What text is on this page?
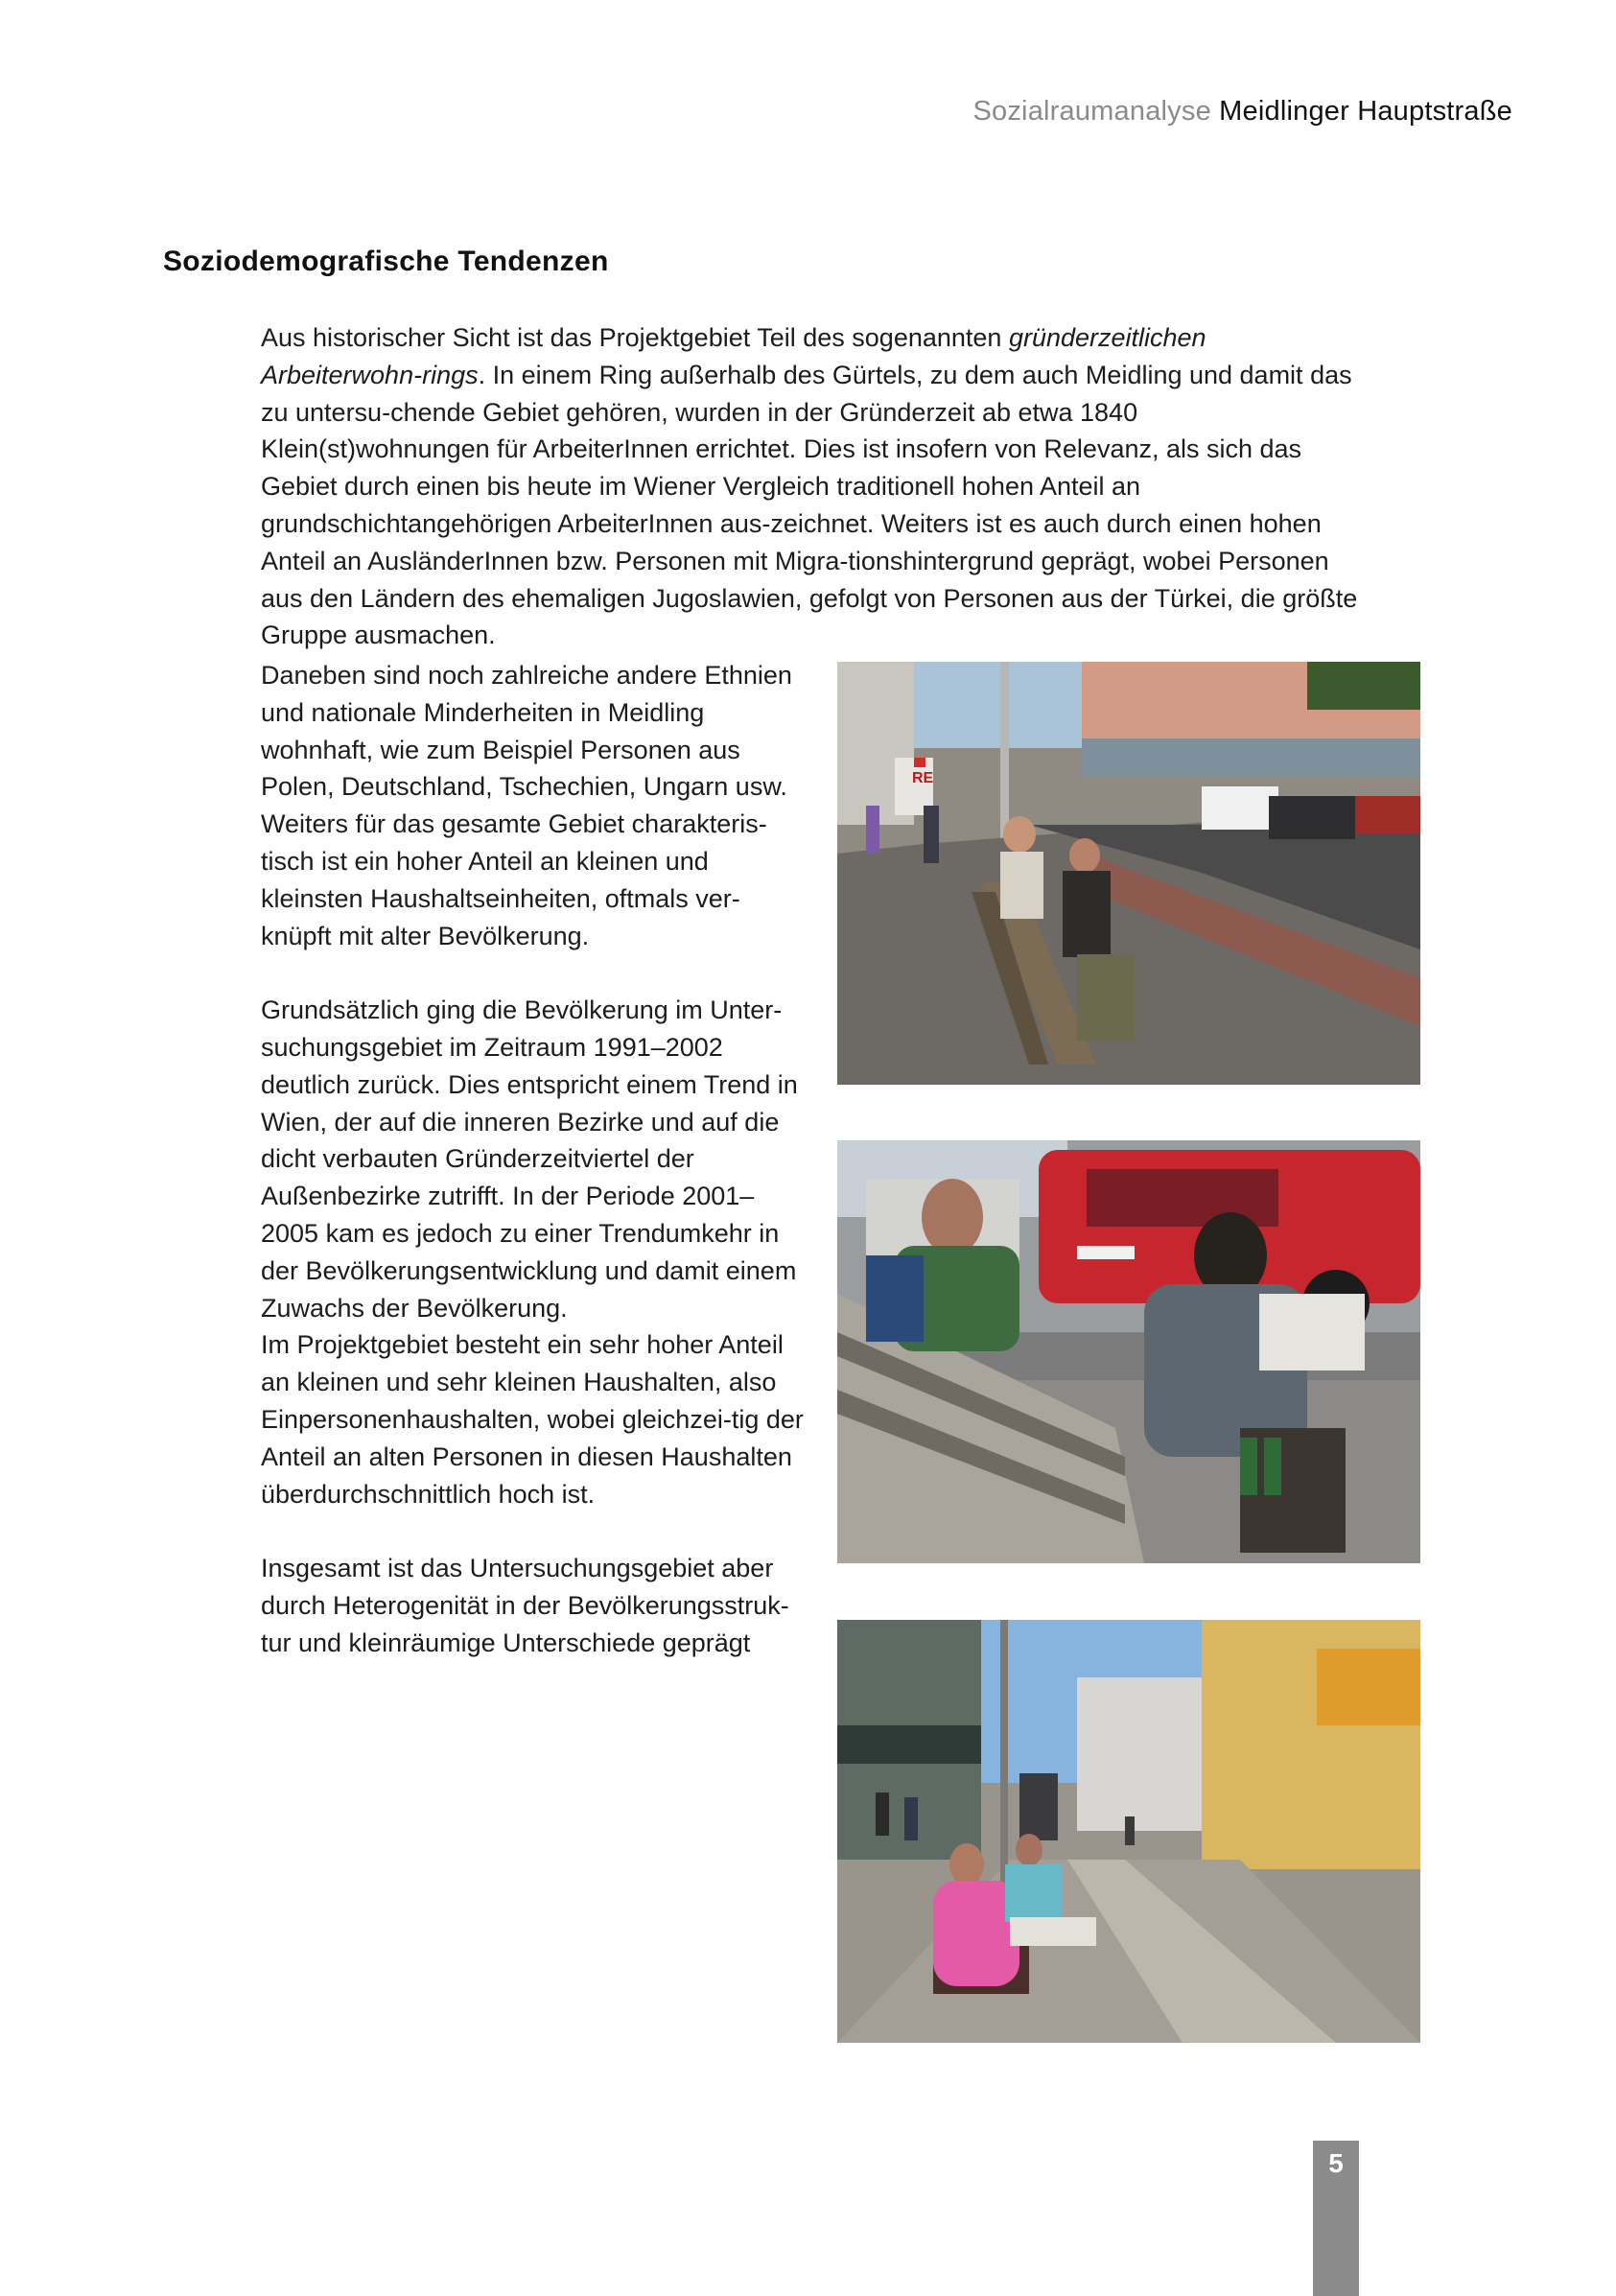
Sozialraumanalyse Meidlinger Hauptstraße
Soziodemografische Tendenzen

Aus historischer Sicht ist das Projektgebiet Teil des sogenannten gründerzeitlichen Arbeiterwohn-rings. In einem Ring außerhalb des Gürtels, zu dem auch Meidling und damit das zu untersu-chende Gebiet gehören, wurden in der Gründerzeit ab etwa 1840 Klein(st)wohnungen für ArbeiterInnen errichtet. Dies ist insofern von Relevanz, als sich das Gebiet durch einen bis heute im Wiener Vergleich traditionell hohen Anteil an grundschichtangehörigen ArbeiterInnen aus-zeichnet. Weiters ist es auch durch einen hohen Anteil an AusländerInnen bzw. Personen mit Migra-tionshintergrund geprägt, wobei Personen aus den Ländern des ehemaligen Jugoslawien, gefolgt von Personen aus der Türkei, die größte Gruppe ausmachen.

Daneben sind noch zahlreiche andere Ethnien und nationale Minderheiten in Meidling wohnhaft, wie zum Beispiel Personen aus Polen, Deutschland, Tschechien, Ungarn usw. Weiters für das gesamte Gebiet charakteris-tisch ist ein hoher Anteil an kleinen und kleinsten Haushaltseinheiten, oftmals ver-knüpft mit alter Bevölkerung.

Grundsätzlich ging die Bevölkerung im Unter-suchungsgebiet im Zeitraum 1991–2002 deutlich zurück. Dies entspricht einem Trend in Wien, der auf die inneren Bezirke und auf die dicht verbauten Gründerzeitviertel der Außenbezirke zutrifft. In der Periode 2001–2005 kam es jedoch zu einer Trendumkehr in der Bevölkerungsentwicklung und damit einem Zuwachs der Bevölkerung.

Im Projektgebiet besteht ein sehr hoher Anteil an kleinen und sehr kleinen Haushalten, also Einpersonenhaushalten, wobei gleichzei-tig der Anteil an alten Personen in diesen Haushalten überdurchschnittlich hoch ist.

Insgesamt ist das Untersuchungsgebiet aber durch Heterogenität in der Bevölkerungsstruk-tur und kleinräumige Unterschiede geprägt

RE
5
